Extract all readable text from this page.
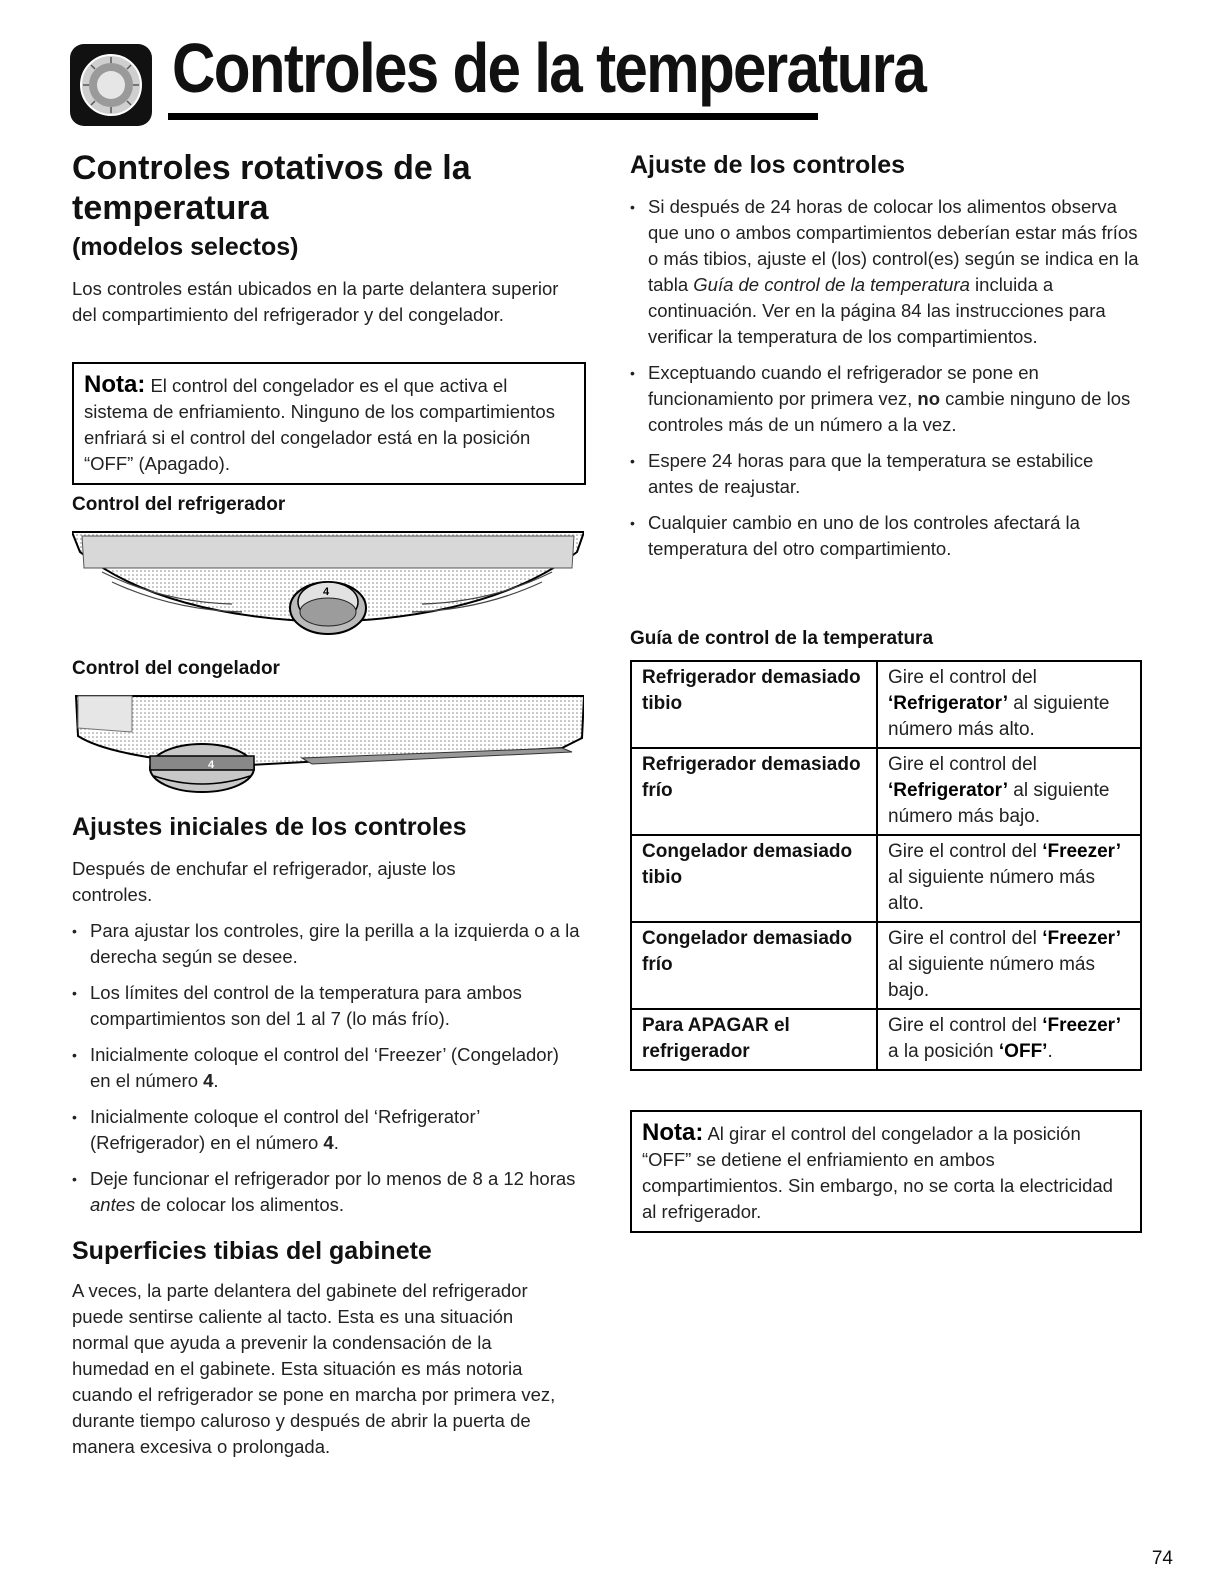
Controles de la temperatura
Controles rotativos de la
temperatura
(modelos selectos)
Los controles están ubicados en la parte delantera superior del compartimiento del refrigerador y del congelador.
Nota: El control del congelador es el que activa el sistema de enfriamiento. Ninguno de los compartimientos enfriará si el control del congelador está en la posición “OFF” (Apagado).
Control del refrigerador
4
Control del congelador
4
Ajustes iniciales de los controles
Después de enchufar el refrigerador, ajuste los controles.
• Para ajustar los controles, gire la perilla a la izquierda o a la derecha según se desee.
• Los límites del control de la temperatura para ambos compartimientos son del 1 al 7 (lo más frío).
• Inicialmente coloque el control del ‘Freezer’ (Congelador) en el número 4.
• Inicialmente coloque el control del ‘Refrigerator’ (Refrigerador) en el número 4.
• Deje funcionar el refrigerador por lo menos de 8 a 12 horas antes de colocar los alimentos.
Superficies tibias del gabinete
A veces, la parte delantera del gabinete del refrigerador puede sentirse caliente al tacto. Esta es una situación normal que ayuda a prevenir la condensación de la humedad en el gabinete. Esta situación es más notoria cuando el refrigerador se pone en marcha por primera vez, durante tiempo caluroso y después de abrir la puerta de manera excesiva o prolongada.
Ajuste de los controles
• Si después de 24 horas de colocar los alimentos observa que uno o ambos compartimientos deberían estar más fríos o más tibios, ajuste el (los) control(es) según se indica en la tabla Guía de control de la temperatura incluida a continuación. Ver en la página 84 las instrucciones para verificar la temperatura de los compartimientos.
• Exceptuando cuando el refrigerador se pone en funcionamiento por primera vez, no cambie ninguno de los controles más de un número a la vez.
• Espere 24 horas para que la temperatura se estabilice antes de reajustar.
• Cualquier cambio en uno de los controles afectará la temperatura del otro compartimiento.
Guía de control de la temperatura
Refrigerador demasiado tibio	Gire el control del ‘Refrigerator’ al siguiente número más alto.
Refrigerador demasiado frío	Gire el control del ‘Refrigerator’ al siguiente número más bajo.
Congelador demasiado tibio	Gire el control del ‘Freezer’ al siguiente número más alto.
Congelador demasiado frío	Gire el control del ‘Freezer’ al siguiente número más bajo.
Para APAGAR el refrigerador	Gire el control del ‘Freezer’ a la posición ‘OFF’.
Nota: Al girar el control del congelador a la posición “OFF” se detiene el enfriamiento en ambos compartimientos. Sin embargo, no se corta la electricidad al refrigerador.
74
